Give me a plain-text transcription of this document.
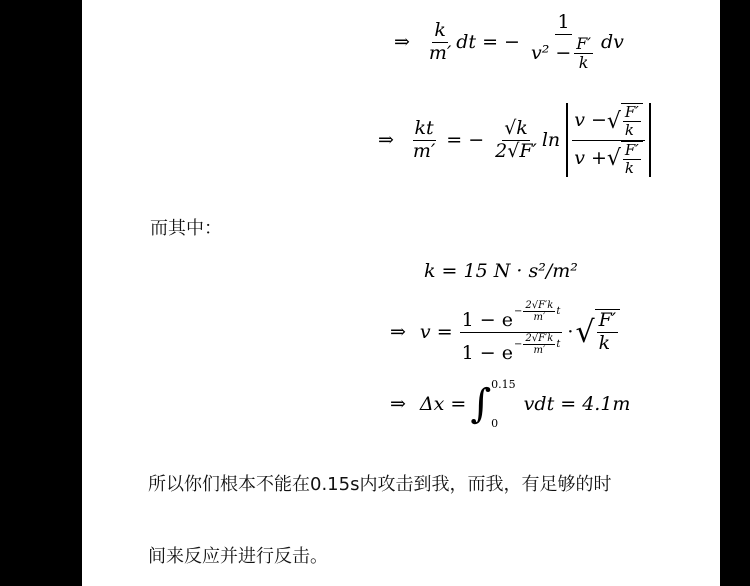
⇒ $\frac{k}{m'}$ dt = − $\frac{1}{v^2 - \frac{F'}{k}}$ dv
⇒ $\frac{kt}{m'}$ = − $\frac{√k}{2√F'}$ $\ln \frac{v - √ \frac{F'}{k}}{v + √ \frac{F'}{k}}$
而其中：
k = 15 N · s²/m²
⇒ v =
$1 - e - \frac{2√F'k}{m'}$ t
$1 - e - \frac{2√F'k}{m'}$ t
· √ $\frac{F'}{k}$
⇒ Δx = ∫ 0.15
0
vdt = 4.1m
所以你们根本不能在0.15s内攻击到我，而我，有足够的时
间来反应并进行反击。
